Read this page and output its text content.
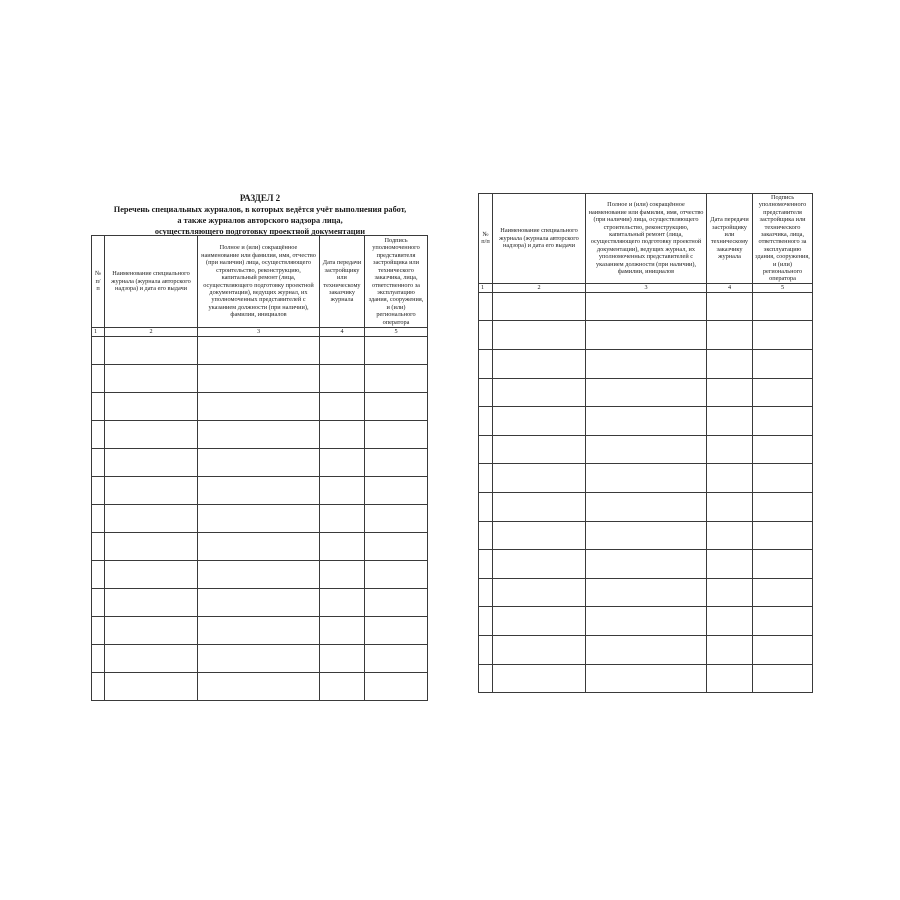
РАЗДЕЛ 2
Перечень специальных журналов, в которых ведётся учёт выполнения работ,
а также журналов авторского надзора лица,
осуществляющего подготовку проектной документации
№ п/п	Наименование специального журнала (журнала авторского надзора) и дата его выдачи	Полное и (или) сокращённое наименование или фамилия, имя, отчество (при наличии) лица, осуществляющего строительство, реконструкцию, капитальный ремонт (лица, осуществляющего подготовку проектной документации), ведущих журнал, их уполномоченных представителей с указанием должности (при наличии), фамилии, инициалов	Дата передачи застройщику или техническому заказчику журнала	Подпись уполномоченного представителя застройщика или технического заказчика, лица, ответственного за эксплуатацию здания, сооружения, и (или) регионального оператора
1	2	3	4	5

№ п/п	Наименование специального журнала (журнала авторского надзора) и дата его выдачи	Полное и (или) сокращённое наименование или фамилия, имя, отчество (при наличии) лица, осуществляющего строительство, реконструкцию, капитальный ремонт (лица, осуществляющего подготовку проектной документации), ведущих журнал, их уполномоченных представителей с указанием должности (при наличии), фамилии, инициалов	Дата передачи застройщику или техническому заказчику журнала	Подпись уполномоченного представителя застройщика или технического заказчика, лица, ответственного за эксплуатацию здания, сооружения, и (или) регионального оператора
1	2	3	4	5
